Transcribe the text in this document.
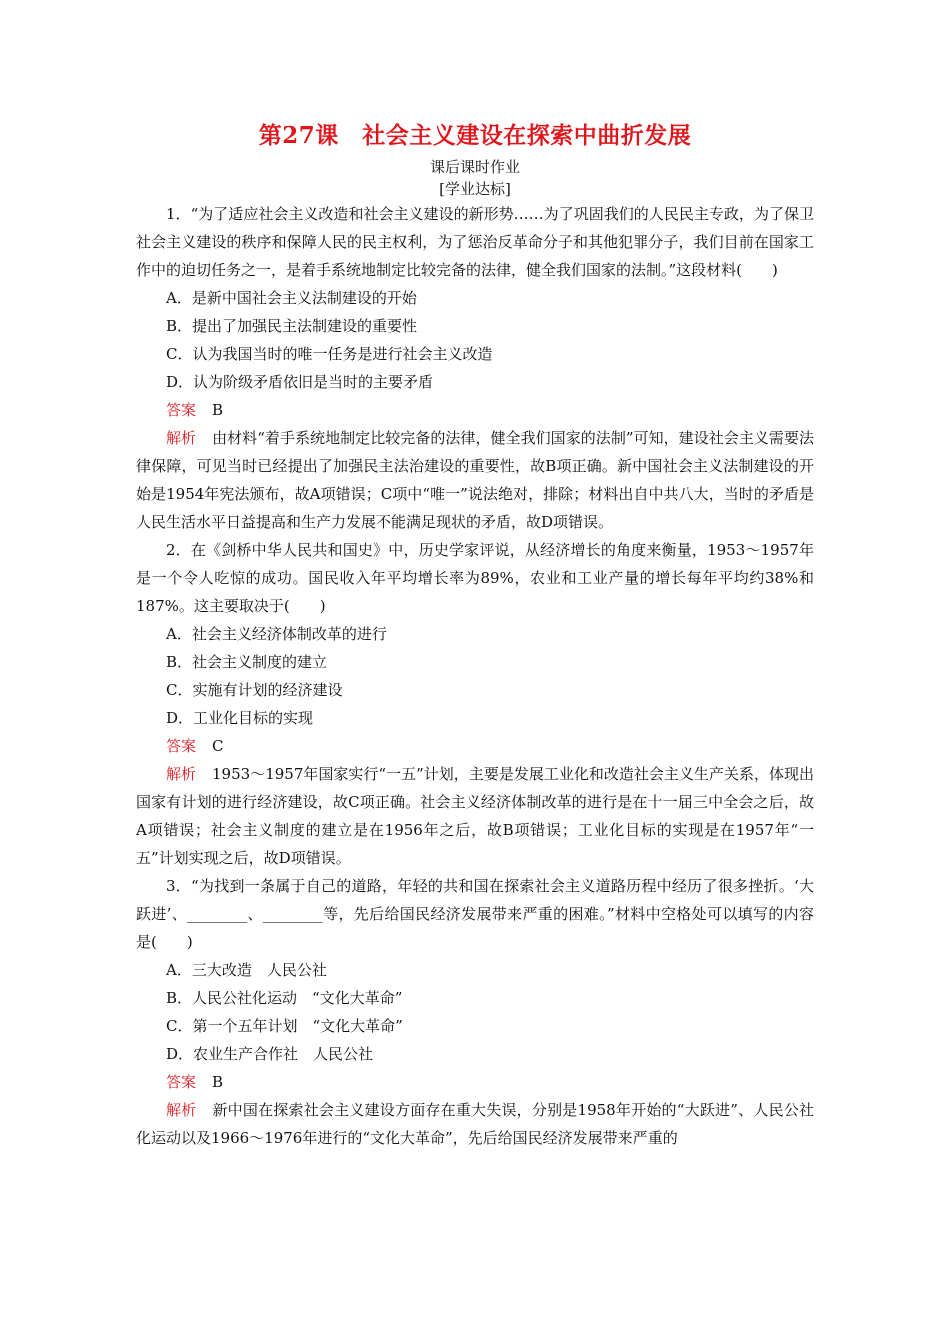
第27课　社会主义建设在探索中曲折发展
课后课时作业
[学业达标]

1．“为了适应社会主义改造和社会主义建设的新形势……为了巩固我们的人民民主专政，为了保卫社会主义建设的秩序和保障人民的民主权利，为了惩治反革命分子和其他犯罪分子，我们目前在国家工作中的迫切任务之一，是着手系统地制定比较完备的法律，健全我们国家的法制。”这段材料(　　)

A．是新中国社会主义法制建设的开始

B．提出了加强民主法制建设的重要性

C．认为我国当时的唯一任务是进行社会主义改造

D．认为阶级矛盾依旧是当时的主要矛盾

答案 B

解析 由材料“着手系统地制定比较完备的法律，健全我们国家的法制”可知，建设社会主义需要法律保障，可见当时已经提出了加强民主法治建设的重要性，故B项正确。新中国社会主义法制建设的开始是1954年宪法颁布，故A项错误；C项中“唯一”说法绝对，排除；材料出自中共八大，当时的矛盾是人民生活水平日益提高和生产力发展不能满足现状的矛盾，故D项错误。

2．在《剑桥中华人民共和国史》中，历史学家评说，从经济增长的角度来衡量，1953～1957年是一个令人吃惊的成功。国民收入年平均增长率为89%，农业和工业产量的增长每年平均约38%和187%。这主要取决于(　　)

A．社会主义经济体制改革的进行

B．社会主义制度的建立

C．实施有计划的经济建设

D．工业化目标的实现

答案 C

解析 1953～1957年国家实行“一五”计划，主要是发展工业化和改造社会主义生产关系，体现出国家有计划的进行经济建设，故C项正确。社会主义经济体制改革的进行是在十一届三中全会之后，故A项错误；社会主义制度的建立是在1956年之后，故B项错误；工业化目标的实现是在1957年“一五”计划实现之后，故D项错误。

3．“为找到一条属于自己的道路，年轻的共和国在探索社会主义道路历程中经历了很多挫折。‘大跃进’、________、________等，先后给国民经济发展带来严重的困难。”材料中空格处可以填写的内容是(　　)

A．三大改造　人民公社

B．人民公社化运动　“文化大革命”

C．第一个五年计划　“文化大革命”

D．农业生产合作社　人民公社

答案 B

解析 新中国在探索社会主义建设方面存在重大失误，分别是1958年开始的“大跃进”、人民公社化运动以及1966～1976年进行的“文化大革命”，先后给国民经济发展带来严重的
